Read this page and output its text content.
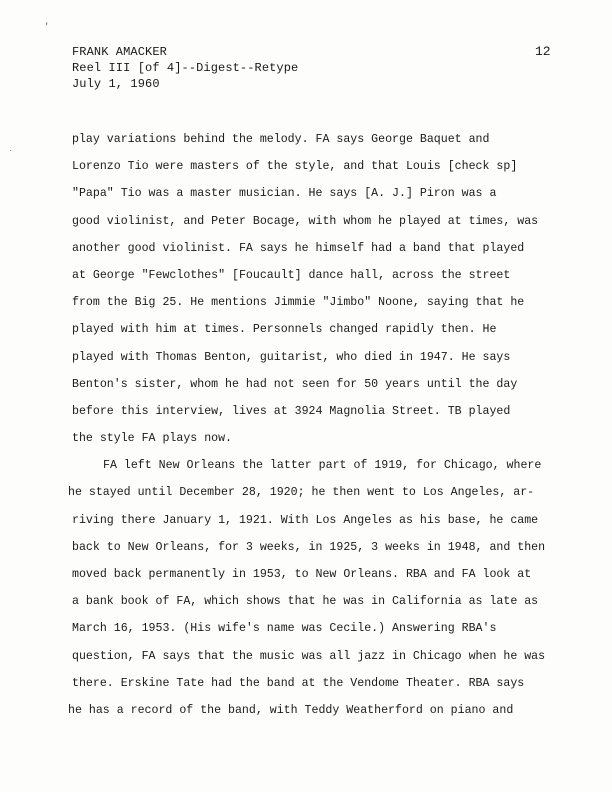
'
˙
FRANK AMACKER
Reel III [of 4]--Digest--Retype
July 1, 1960
12
play variations behind the melody. FA says George Baquet and
Lorenzo Tio were masters of the style, and that Louis [check sp]
"Papa" Tio was a master musician. He says [A. J.] Piron was a
good violinist, and Peter Bocage, with whom he played at times, was
another good violinist. FA says he himself had a band that played
at George "Fewclothes" [Foucault] dance hall, across the street
from the Big 25. He mentions Jimmie "Jimbo" Noone, saying that he
played with him at times. Personnels changed rapidly then. He
played with Thomas Benton, guitarist, who died in 1947. He says
Benton's sister, whom he had not seen for 50 years until the day
before this interview, lives at 3924 Magnolia Street. TB played
the style FA plays now.
FA left New Orleans the latter part of 1919, for Chicago, where
he stayed until December 28, 1920; he then went to Los Angeles, ar-
riving there January 1, 1921. With Los Angeles as his base, he came
back to New Orleans, for 3 weeks, in 1925, 3 weeks in 1948, and then
moved back permanently in 1953, to New Orleans. RBA and FA look at
a bank book of FA, which shows that he was in California as late as
March 16, 1953. (His wife's name was Cecile.) Answering RBA's
question, FA says that the music was all jazz in Chicago when he was
there. Erskine Tate had the band at the Vendome Theater. RBA says
he has a record of the band, with Teddy Weatherford on piano and
